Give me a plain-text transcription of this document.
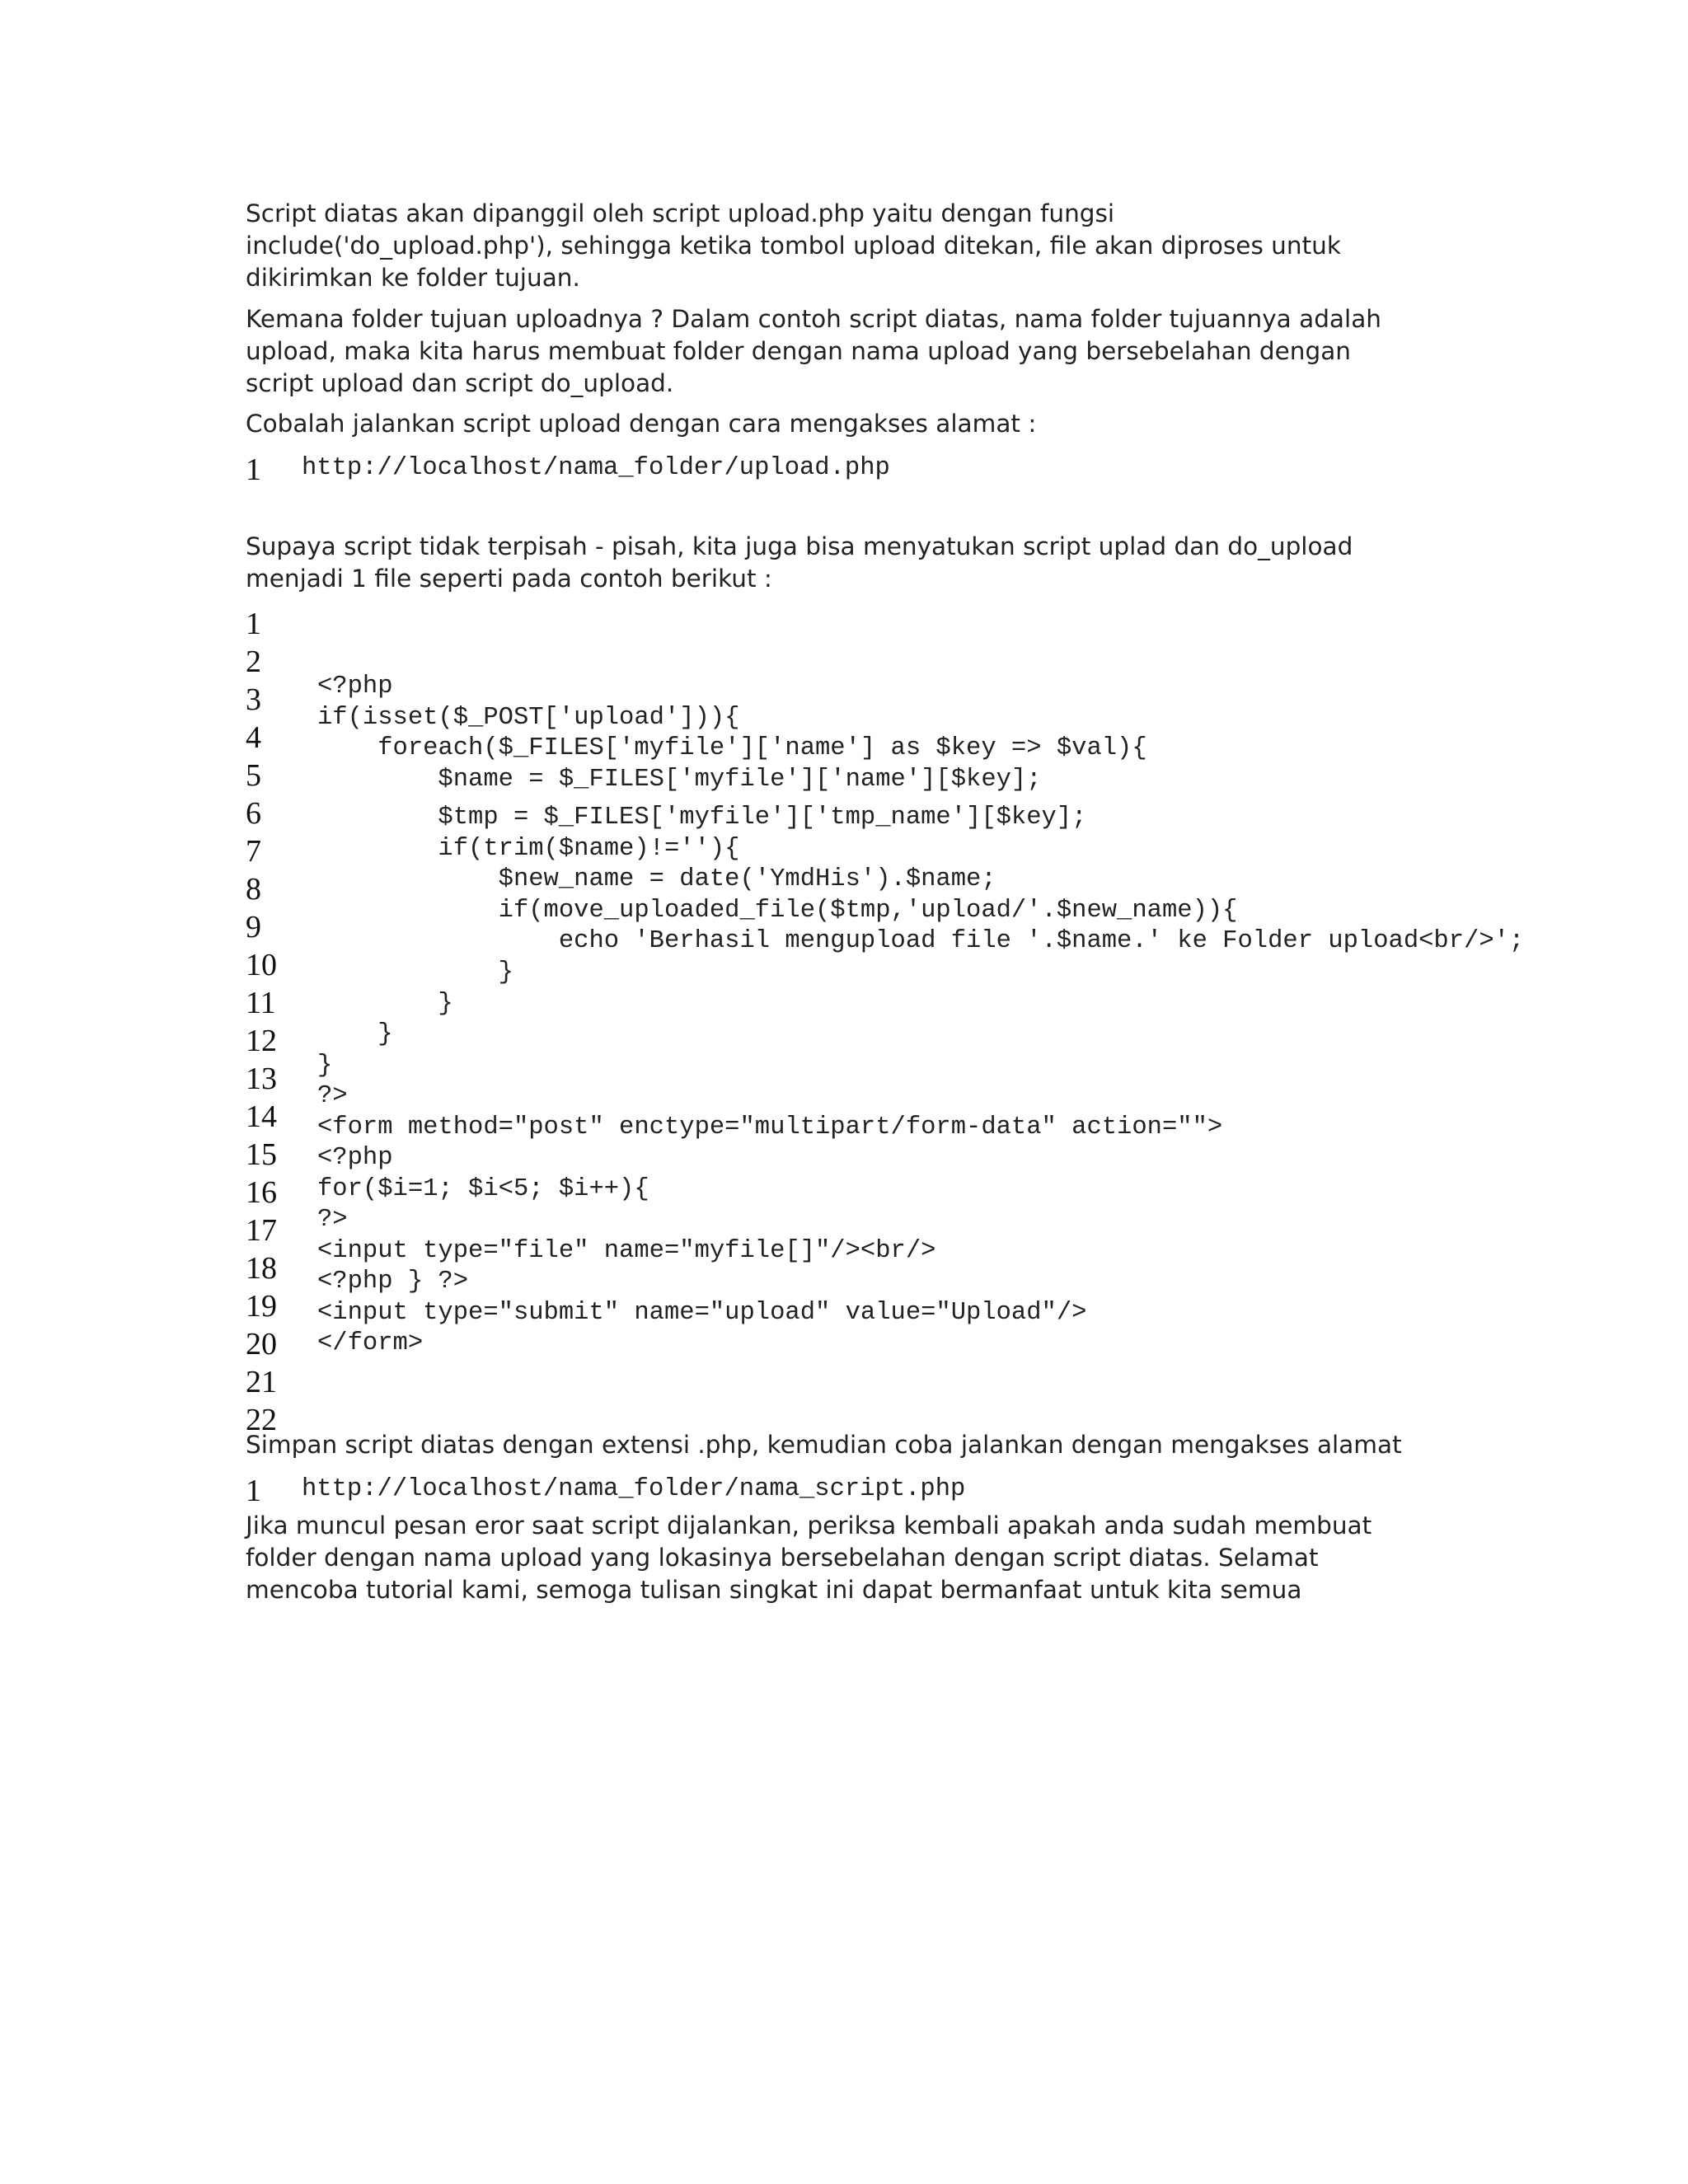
Script diatas akan dipanggil oleh script upload.php yaitu dengan fungsi
include('do_upload.php'), sehingga ketika tombol upload ditekan, file akan diproses untuk
dikirimkan ke folder tujuan.
Kemana folder tujuan uploadnya ? Dalam contoh script diatas, nama folder tujuannya adalah
upload, maka kita harus membuat folder dengan nama upload yang bersebelahan dengan
script upload dan script do_upload.
Cobalah jalankan script upload dengan cara mengakses alamat :
1 http://localhost/nama_folder/upload.php
Supaya script tidak terpisah - pisah, kita juga bisa menyatukan script uplad dan do_upload
menjadi 1 file seperti pada contoh berikut :
1
2
3
4
5
6
7
8
9
10
11
12
13
14
15
16
17
18
19
20
21
22
<?php
if(isset($_POST['upload'])){
foreach($_FILES['myfile']['name'] as $key => $val){
$name = $_FILES['myfile']['name'][$key];
$tmp = $_FILES['myfile']['tmp_name'][$key];
if(trim($name)!=''){
$new_name = date('YmdHis').$name;
if(move_uploaded_file($tmp,'upload/'.$new_name)){
echo 'Berhasil mengupload file '.$name.' ke Folder upload<br/>';
}
}
}
}
?>
<form method="post" enctype="multipart/form-data" action="">
<?php
for($i=1; $i<5; $i++){
?>
<input type="file" name="myfile[]"/><br/>
<?php } ?>
<input type="submit" name="upload" value="Upload"/>
</form>
Simpan script diatas dengan extensi .php, kemudian coba jalankan dengan mengakses alamat
1 http://localhost/nama_folder/nama_script.php
Jika muncul pesan eror saat script dijalankan, periksa kembali apakah anda sudah membuat
folder dengan nama upload yang lokasinya bersebelahan dengan script diatas. Selamat
mencoba tutorial kami, semoga tulisan singkat ini dapat bermanfaat untuk kita semua
